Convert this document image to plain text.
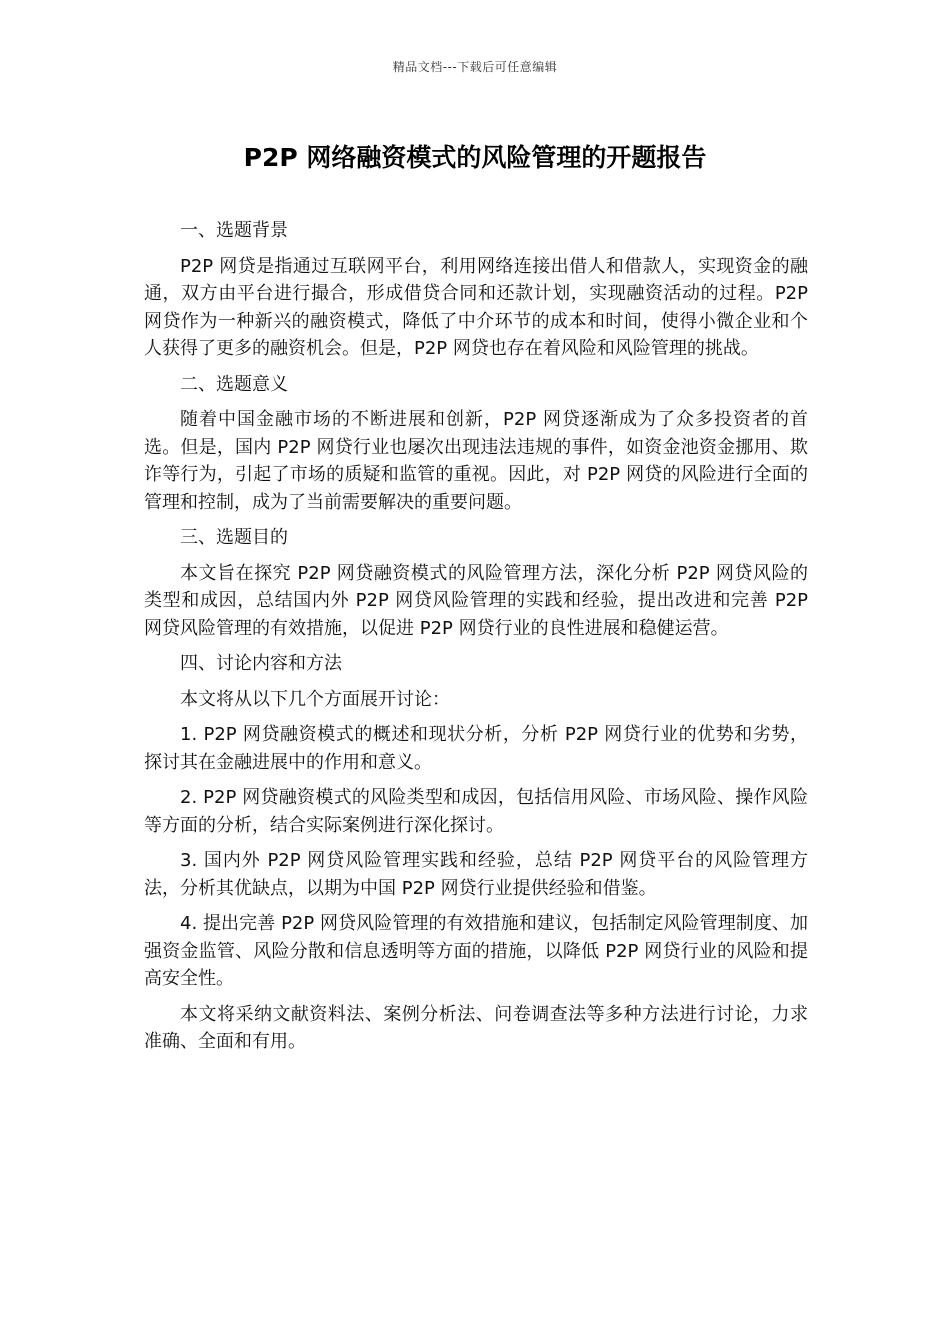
精品文档---下载后可任意编辑
P2P 网络融资模式的风险管理的开题报告

一、选题背景

P2P 网贷是指通过互联网平台，利用网络连接出借人和借款人，实现资金的融通，双方由平台进行撮合，形成借贷合同和还款计划，实现融资活动的过程。P2P 网贷作为一种新兴的融资模式，降低了中介环节的成本和时间，使得小微企业和个人获得了更多的融资机会。但是，P2P 网贷也存在着风险和风险管理的挑战。

二、选题意义

随着中国金融市场的不断进展和创新，P2P 网贷逐渐成为了众多投资者的首选。但是，国内 P2P 网贷行业也屡次出现违法违规的事件，如资金池资金挪用、欺诈等行为，引起了市场的质疑和监管的重视。因此，对 P2P 网贷的风险进行全面的管理和控制，成为了当前需要解决的重要问题。

三、选题目的

本文旨在探究 P2P 网贷融资模式的风险管理方法，深化分析 P2P 网贷风险的类型和成因，总结国内外 P2P 网贷风险管理的实践和经验，提出改进和完善 P2P 网贷风险管理的有效措施，以促进 P2P 网贷行业的良性进展和稳健运营。

四、讨论内容和方法

本文将从以下几个方面展开讨论：

1. P2P 网贷融资模式的概述和现状分析，分析 P2P 网贷行业的优势和劣势，探讨其在金融进展中的作用和意义。

2. P2P 网贷融资模式的风险类型和成因，包括信用风险、市场风险、操作风险等方面的分析，结合实际案例进行深化探讨。

3. 国内外 P2P 网贷风险管理实践和经验，总结 P2P 网贷平台的风险管理方法，分析其优缺点，以期为中国 P2P 网贷行业提供经验和借鉴。

4. 提出完善 P2P 网贷风险管理的有效措施和建议，包括制定风险管理制度、加强资金监管、风险分散和信息透明等方面的措施，以降低 P2P 网贷行业的风险和提高安全性。

本文将采纳文献资料法、案例分析法、问卷调查法等多种方法进行讨论，力求准确、全面和有用。
